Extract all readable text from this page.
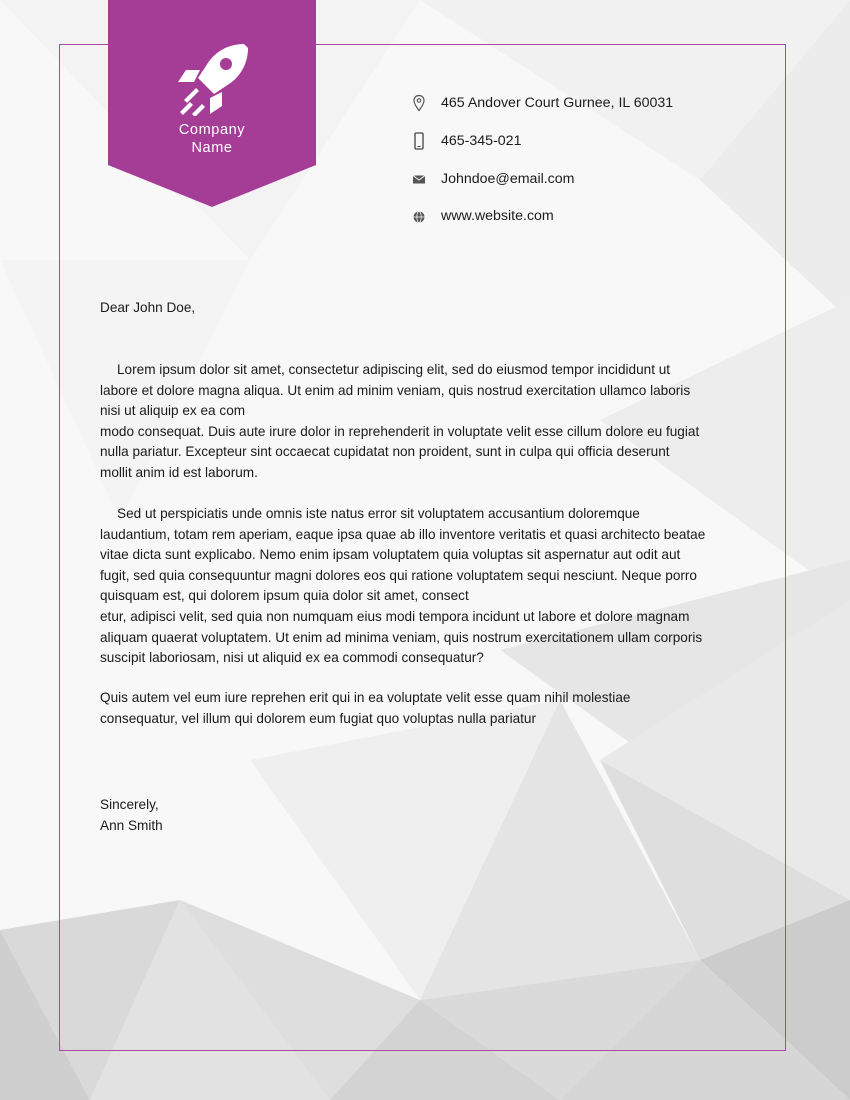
Company
Name
465 Andover Court Gurnee, IL 60031
465-345-021
Johndoe@email.com
www.website.com

Dear John Doe,

Lorem ipsum dolor sit amet, consectetur adipiscing elit, sed do eiusmod tempor incididunt ut
labore et dolore magna aliqua. Ut enim ad minim veniam, quis nostrud exercitation ullamco laboris
nisi ut aliquip ex ea com
modo consequat. Duis aute irure dolor in reprehenderit in voluptate velit esse cillum dolore eu fugiat
nulla pariatur. Excepteur sint occaecat cupidatat non proident, sunt in culpa qui officia deserunt
mollit anim id est laborum.
Sed ut perspiciatis unde omnis iste natus error sit voluptatem accusantium doloremque
laudantium, totam rem aperiam, eaque ipsa quae ab illo inventore veritatis et quasi architecto beatae
vitae dicta sunt explicabo. Nemo enim ipsam voluptatem quia voluptas sit aspernatur aut odit aut
fugit, sed quia consequuntur magni dolores eos qui ratione voluptatem sequi nesciunt. Neque porro
quisquam est, qui dolorem ipsum quia dolor sit amet, consect
etur, adipisci velit, sed quia non numquam eius modi tempora incidunt ut labore et dolore magnam
aliquam quaerat voluptatem. Ut enim ad minima veniam, quis nostrum exercitationem ullam corporis
suscipit laboriosam, nisi ut aliquid ex ea commodi consequatur?
Quis autem vel eum iure reprehen erit qui in ea voluptate velit esse quam nihil molestiae
consequatur, vel illum qui dolorem eum fugiat quo voluptas nulla pariatur
Sincerely,
Ann Smith
